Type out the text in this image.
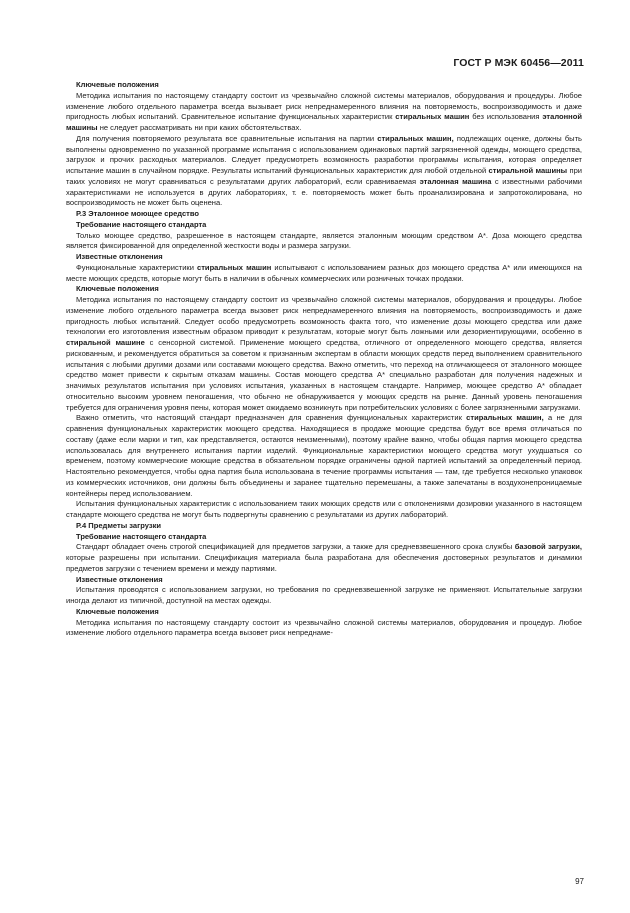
ГОСТ Р МЭК 60456—2011

Ключевые положения

Методика испытания по настоящему стандарту состоит из чрезвычайно сложной системы материалов, оборудования и процедуры. Любое изменение любого отдельного параметра всегда вызывает риск непреднамеренного влияния на повторяемость, воспроизводимость и даже пригодность любых испытаний. Сравнительное испытание функциональных характеристик стиральных машин без использования эталонной машины не следует рассматривать ни при каких обстоятельствах.

Для получения повторяемого результата все сравнительные испытания на партии стиральных машин, подлежащих оценке, должны быть выполнены одновременно по указанной программе испытания с использованием одинаковых партий загрязненной одежды, моющего средства, загрузок и прочих расходных материалов. Следует предусмотреть возможность разработки программы испытания, которая определяет испытание машин в случайном порядке. Результаты испытаний функциональных характеристик для любой отдельной стиральной машины при таких условиях не могут сравниваться с результатами других лабораторий, если сравниваемая эталонная машина с известными рабочими характеристиками не используется в других лабораториях, т. е. повторяемость может быть проанализирована и запротоколирована, но воспроизводимость не может быть оценена.

Р.3 Эталонное моющее средство

Требование настоящего стандарта

Только моющее средство, разрешенное в настоящем стандарте, является эталонным моющим средством А*. Доза моющего средства является фиксированной для определенной жесткости воды и размера загрузки.

Известные отклонения

Функциональные характеристики стиральных машин испытывают с использованием разных доз моющего средства А* или имеющихся на месте моющих средств, которые могут быть в наличии в обычных коммерческих или розничных точках продажи.

Ключевые положения

Методика испытания по настоящему стандарту состоит из чрезвычайно сложной системы материалов, оборудования и процедуры. Любое изменение любого отдельного параметра всегда вызовет риск непреднамеренного влияния на повторяемость, воспроизводимость и даже пригодность любых испытаний. Следует особо предусмотреть возможность факта того, что изменение дозы моющего средства или даже технологии его изготовления известным образом приводит к результатам, которые могут быть ложными или дезориентирующими, особенно в стиральной машине с сенсорной системой. Применение моющего средства, отличного от определенного моющего средства, является рискованным, и рекомендуется обратиться за советом к признанным экспертам в области моющих средств перед выполнением сравнительного испытания с любыми другими дозами или составами моющего средства. Важно отметить, что переход на отличающееся от эталонного моющее средство может привести к скрытым отказам машины. Состав моющего средства А* специально разработан для получения надежных и значимых результатов испытания при условиях испытания, указанных в настоящем стандарте. Например, моющее средство А* обладает относительно высоким уровнем пеногашения, что обычно не обнаруживается у моющих средств на рынке. Данный уровень пеногашения требуется для ограничения уровня пены, которая может ожидаемо возникнуть при потребительских условиях с более загрязненными загрузками.

Важно отметить, что настоящий стандарт предназначен для сравнения функциональных характеристик стиральных машин, а не для сравнения функциональных характеристик моющего средства. Находящиеся в продаже моющие средства будут все время отличаться по составу (даже если марки и тип, как представляется, остаются неизменными), поэтому крайне важно, чтобы общая партия моющего средства использовалась для внутреннего испытания партии изделий. Функциональные характеристики моющего средства могут ухудшаться со временем, поэтому коммерческие моющие средства в обязательном порядке ограничены одной партией испытаний за определенный период. Настоятельно рекомендуется, чтобы одна партия была использована в течение программы испытания — там, где требуется несколько упаковок из коммерческих источников, они должны быть объединены и заранее тщательно перемешаны, а также запечатаны в воздухонепроницаемые контейнеры перед использованием.

Испытания функциональных характеристик с использованием таких моющих средств или с отклонениями дозировки указанного в настоящем стандарте моющего средства не могут быть подвергнуты сравнению с результатами из других лабораторий.

Р.4 Предметы загрузки

Требование настоящего стандарта

Стандарт обладает очень строгой спецификацией для предметов загрузки, а также для средневзвешенного срока службы базовой загрузки, которые разрешены при испытании. Спецификация материала была разработана для обеспечения достоверных результатов и динамики предметов загрузки с течением времени и между партиями.

Известные отклонения

Испытания проводятся с использованием загрузки, но требования по средневзвешенной загрузке не применяют. Испытательные загрузки иногда делают из типичной, доступной на местах одежды.

Ключевые положения

Методика испытания по настоящему стандарту состоит из чрезвычайно сложной системы материалов, оборудования и процедур. Любое изменение любого отдельного параметра всегда вызовет риск непреднаме-

97
